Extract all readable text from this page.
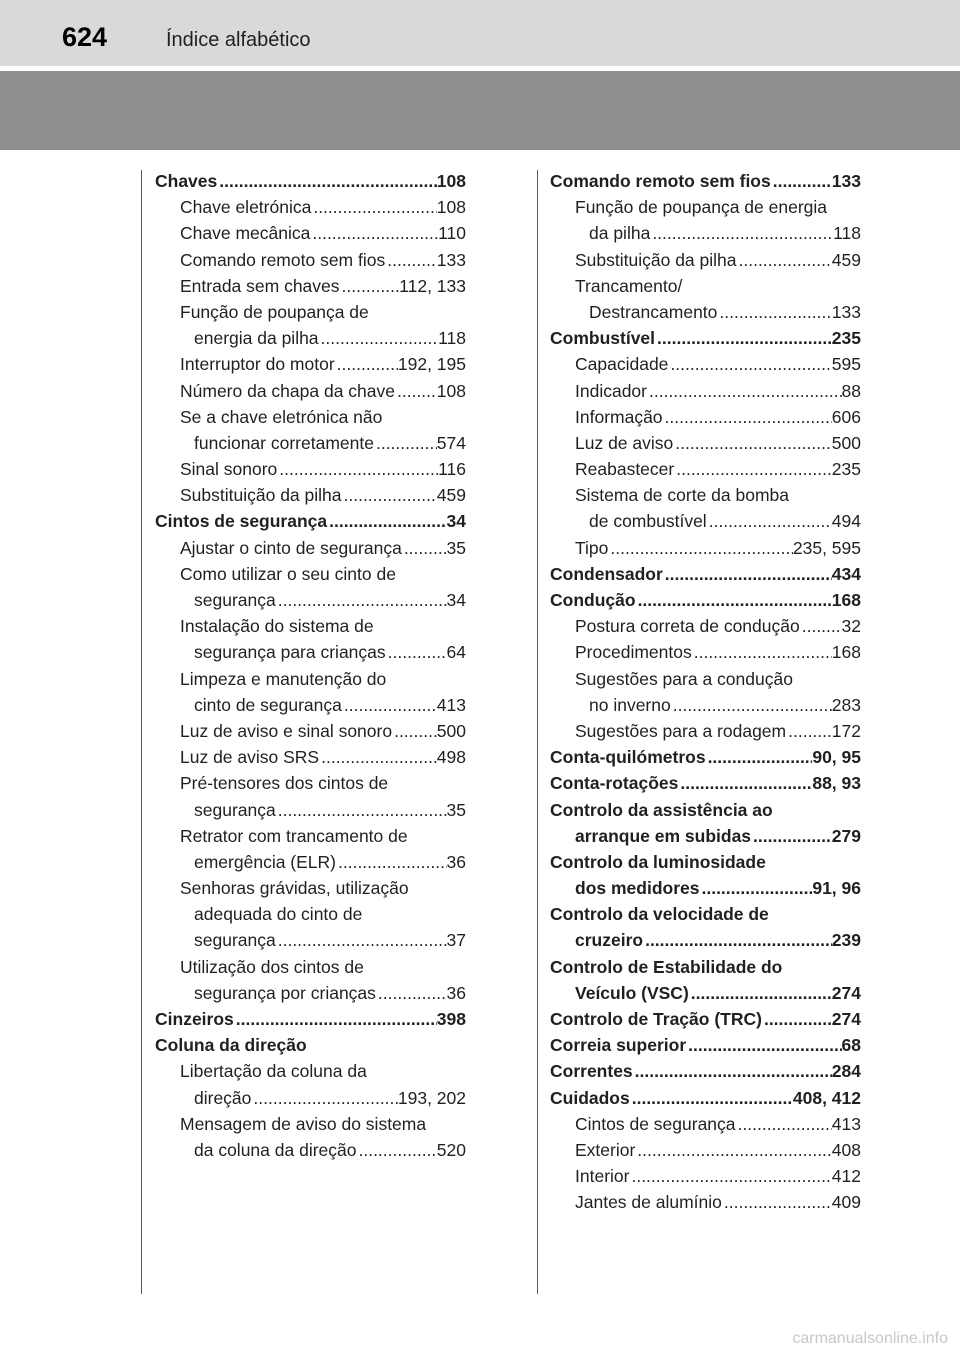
624	Índice alfabético
Chaves .....	108
Chave eletrónica .....	108
Chave mecânica .....	110
Comando remoto sem fios .....	133
Entrada sem chaves .....	112, 133
Função de poupança de
energia da pilha .....	118
Interruptor do motor .....	192, 195
Número da chapa da chave ..... 108
Se a chave eletrónica não
funcionar corretamente .....	574
Sinal sonoro .....	116
Substituição da pilha .....	459
Cintos de segurança .....	34
Ajustar o cinto de segurança .....	35
Como utilizar o seu cinto de
segurança .....	34
Instalação do sistema de
segurança para crianças .....	64
Limpeza e manutenção do
cinto de segurança .....	413
Luz de aviso e sinal sonoro .....	500
Luz de aviso SRS .....	498
Pré-tensores dos cintos de
segurança .....	35
Retrator com trancamento de
emergência (ELR) .....	36
Senhoras grávidas, utilização
adequada do cinto de
segurança .....	37
Utilização dos cintos de
segurança por crianças .....	36
Cinzeiros .....	398
Coluna da direção
Libertação da coluna da
direção .....	193, 202
Mensagem de aviso do sistema
da coluna da direção .....	520
Comando remoto sem fios .....	133
Função de poupança de energia
da pilha .....	118
Substituição da pilha .....	459
Trancamento/
Destrancamento .....	133
Combustível .....	235
Capacidade .....	595
Indicador .....	88
Informação .....	606
Luz de aviso .....	500
Reabastecer .....	235
Sistema de corte da bomba
de combustível .....	494
Tipo .....	235, 595
Condensador .....	434
Condução .....	168
Postura correta de condução ..... 32
Procedimentos .....	168
Sugestões para a condução
no inverno .....	283
Sugestões para a rodagem .....	172
Conta-quilómetros .....	90, 95
Conta-rotações .....	88, 93
Controlo da assistência ao
arranque em subidas .....	279
Controlo da luminosidade
dos medidores .....	91, 96
Controlo da velocidade de
cruzeiro .....	239
Controlo de Estabilidade do
Veículo (VSC) .....	274
Controlo de Tração (TRC) .....	274
Correia superior .....	68
Correntes .....	284
Cuidados .....	408, 412
Cintos de segurança .....	413
Exterior .....	408
Interior .....	412
Jantes de alumínio .....	409
carmanualsonline.info
